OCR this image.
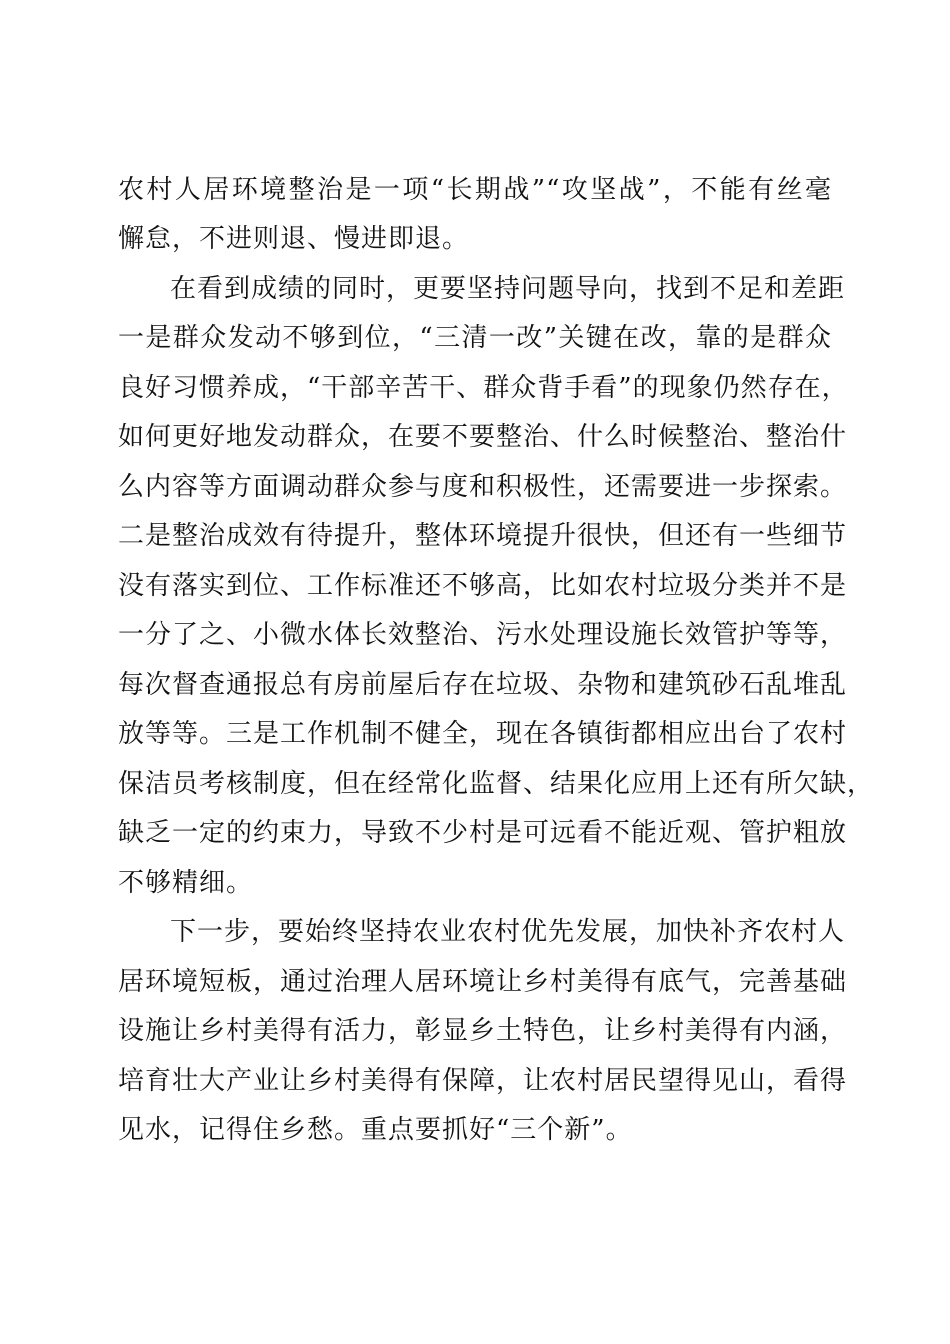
农村人居环境整治是一项“长期战”“攻坚战”，不能有丝毫
懈怠，不进则退、慢进即退。
在看到成绩的同时，更要坚持问题导向，找到不足和差距
一是群众发动不够到位，“三清一改”关键在改，靠的是群众
良好习惯养成，“干部辛苦干、群众背手看”的现象仍然存在，
如何更好地发动群众，在要不要整治、什么时候整治、整治什
么内容等方面调动群众参与度和积极性，还需要进一步探索。
二是整治成效有待提升，整体环境提升很快，但还有一些细节
没有落实到位、工作标准还不够高，比如农村垃圾分类并不是
一分了之、小微水体长效整治、污水处理设施长效管护等等，
每次督查通报总有房前屋后存在垃圾、杂物和建筑砂石乱堆乱
放等等。三是工作机制不健全，现在各镇街都相应出台了农村
保洁员考核制度，但在经常化监督、结果化应用上还有所欠缺，
缺乏一定的约束力，导致不少村是可远看不能近观、管护粗放
不够精细。
下一步，要始终坚持农业农村优先发展，加快补齐农村人
居环境短板，通过治理人居环境让乡村美得有底气，完善基础
设施让乡村美得有活力，彰显乡土特色，让乡村美得有内涵，
培育壮大产业让乡村美得有保障，让农村居民望得见山，看得
见水，记得住乡愁。重点要抓好“三个新”。
